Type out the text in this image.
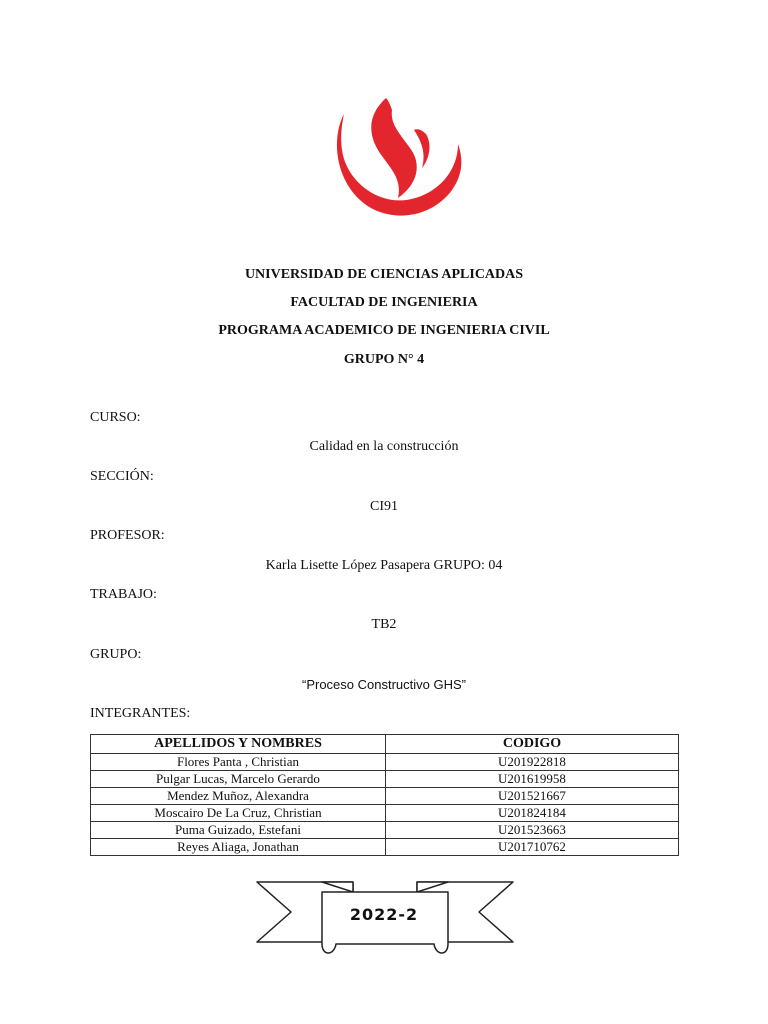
UNIVERSIDAD DE CIENCIAS APLICADAS
FACULTAD DE INGENIERIA
PROGRAMA ACADEMICO DE INGENIERIA CIVIL
GRUPO N° 4
CURSO:
Calidad en la construcción
SECCIÓN:
CI91
PROFESOR:
Karla Lisette López Pasapera GRUPO: 04
TRABAJO:
TB2
GRUPO:
“Proceso Constructivo GHS”
INTEGRANTES:
APELLIDOS Y NOMBRES	CODIGO
Flores Panta , Christian	U201922818
Pulgar Lucas, Marcelo Gerardo	U201619958
Mendez Muñoz, Alexandra	U201521667
Moscairo De La Cruz, Christian	U201824184
Puma Guizado, Estefani	U201523663
Reyes Aliaga, Jonathan	U201710762
2022-2
